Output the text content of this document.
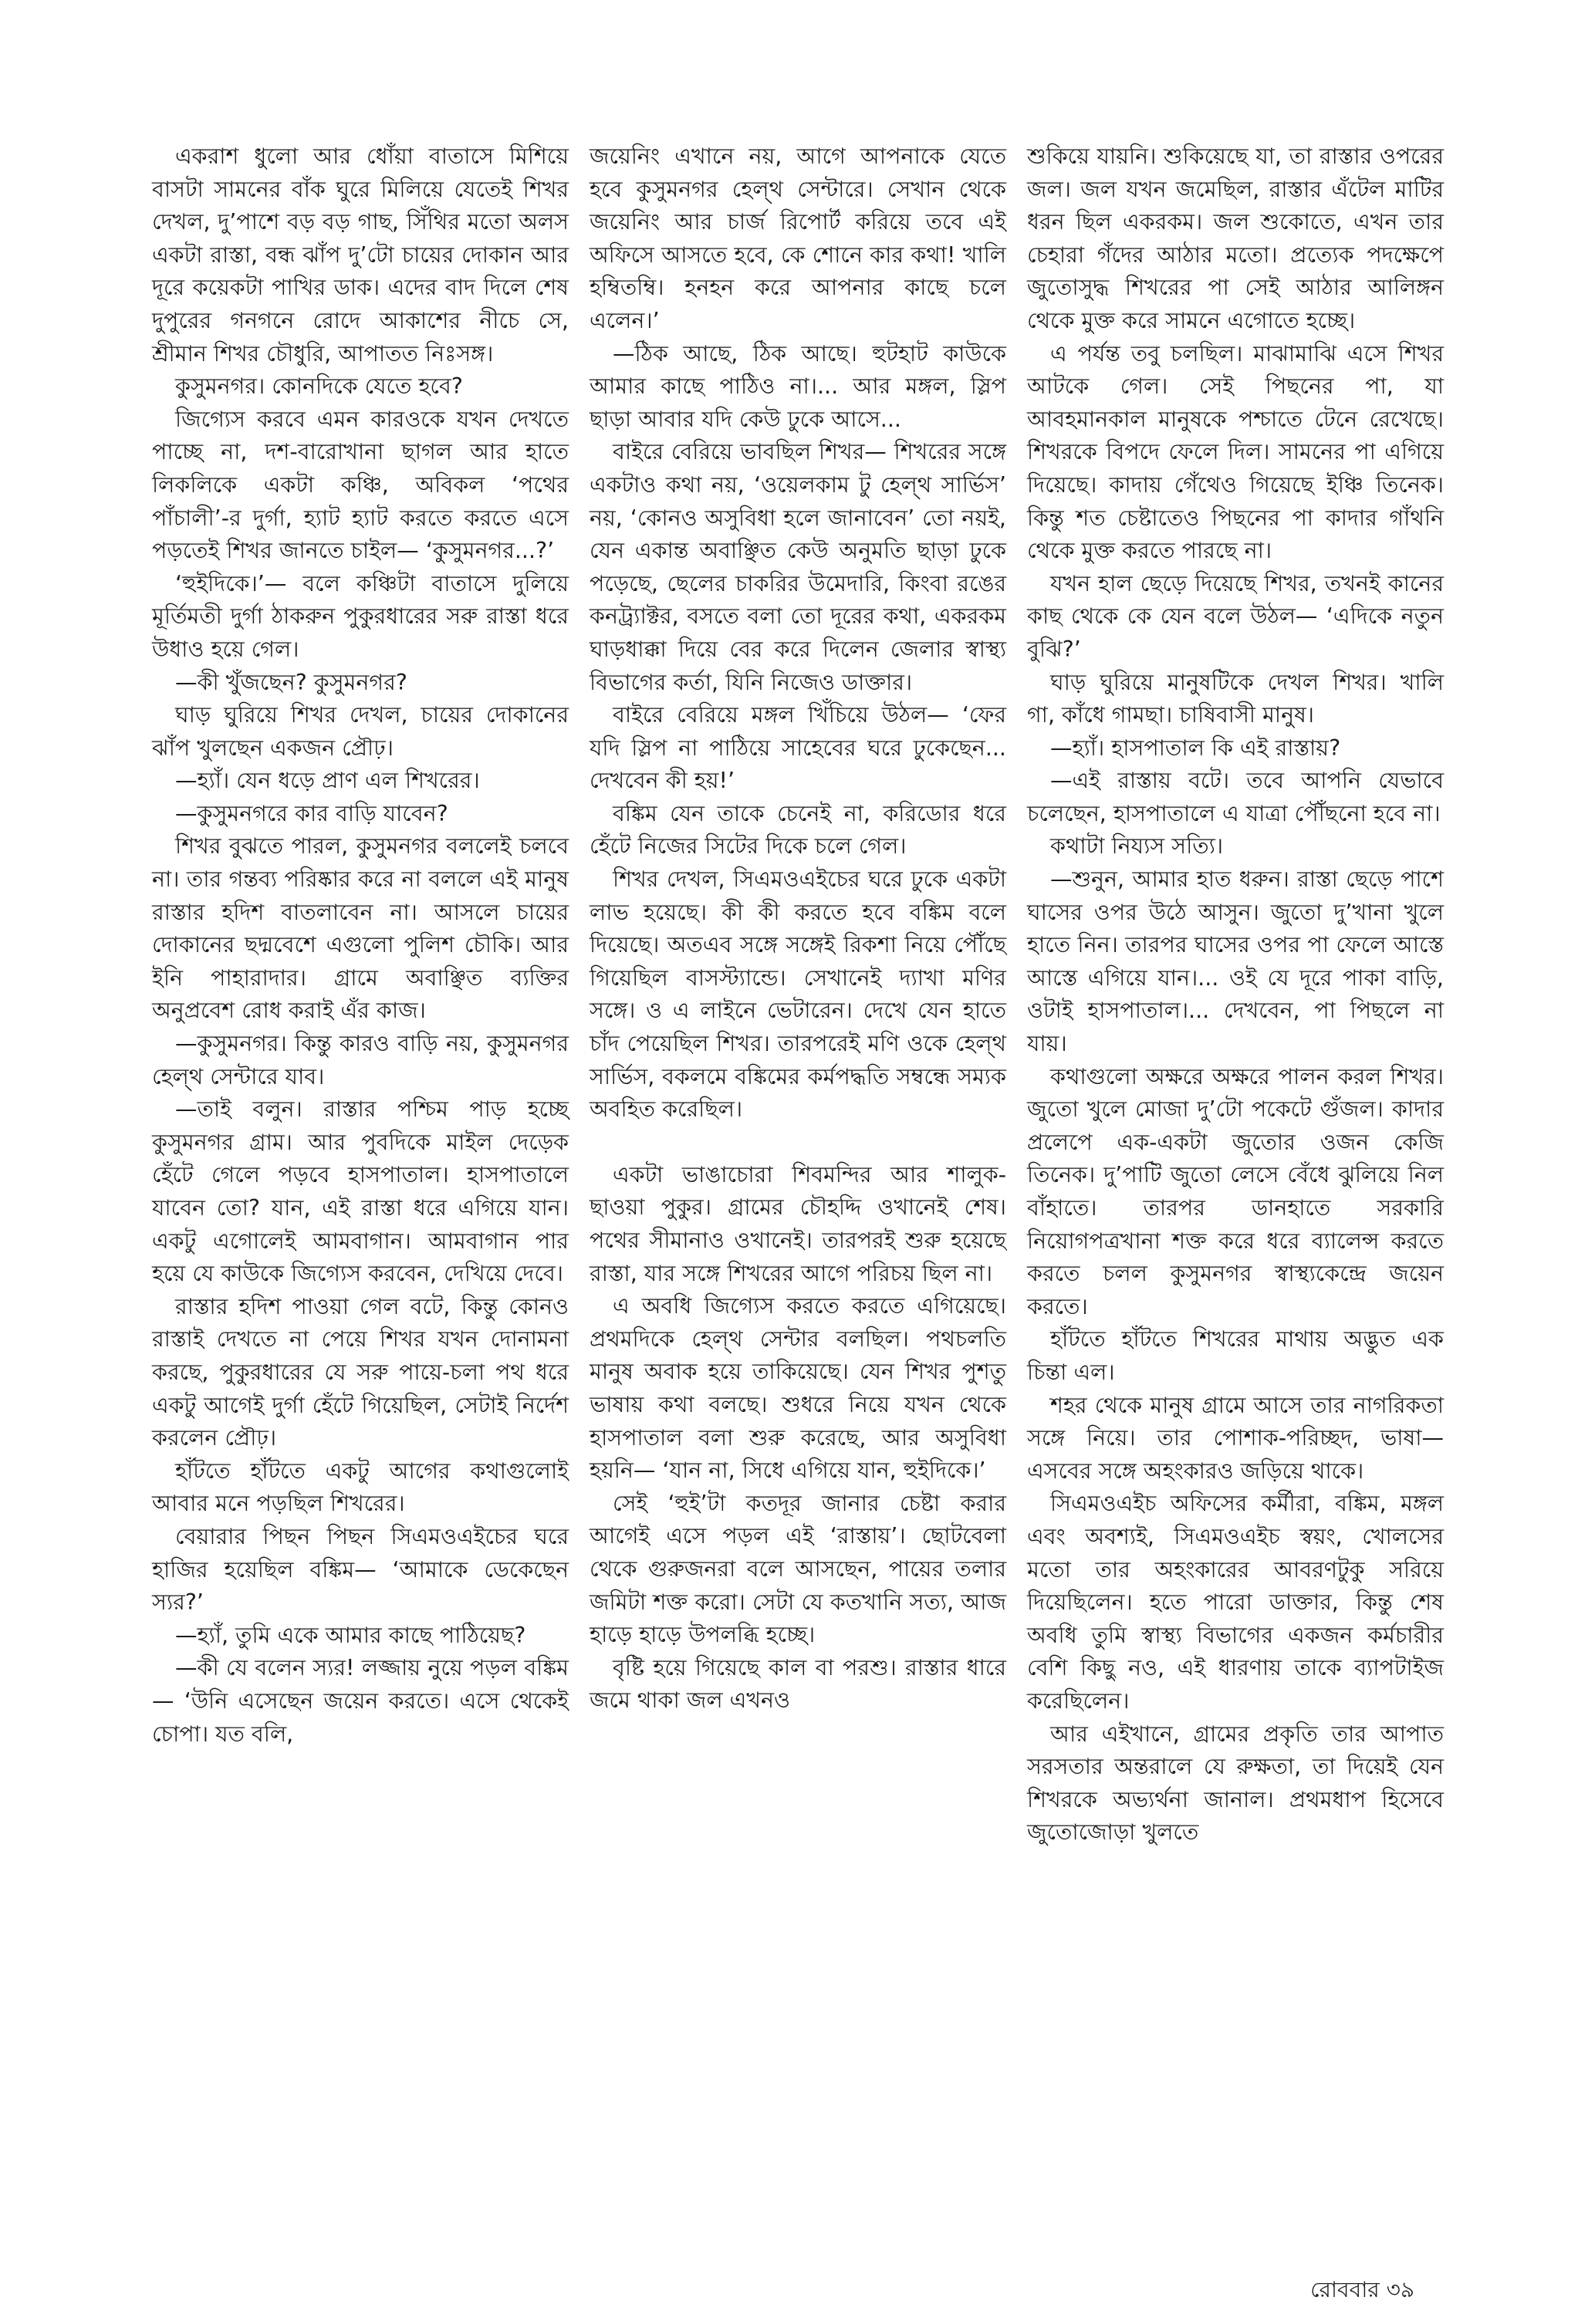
একরাশ ধুলো আর ধোঁয়া বাতাসে মিশিয়ে বাসটা সামনের বাঁক ঘুরে মিলিয়ে যেতেই শিখর দেখল, দু’পাশে বড় বড় গাছ, সিঁথির মতো অলস একটা রাস্তা, বন্ধ ঝাঁপ দু’টো চায়ের দোকান আর দূরে কয়েকটা পাখির ডাক। এদের বাদ দিলে শেষ দুপুরের গনগনে রোদে আকাশের নীচে সে, শ্রীমান শিখর চৌধুরি, আপাতত নিঃসঙ্গ।

কুসুমনগর। কোনদিকে যেতে হবে?

জিগ্যেস করবে এমন কারওকে যখন দেখতে পাচ্ছে না, দশ-বারোখানা ছাগল আর হাতে লিকলিকে একটা কঞ্চি, অবিকল ‘পথের পাঁচালী’-র দুর্গা, হ্যাট হ্যাট করতে করতে এসে পড়তেই শিখর জানতে চাইল— ‘কুসুমনগর...?’

‘হুইদিকে।’— বলে কঞ্চিটা বাতাসে দুলিয়ে মূর্তিমতী দুর্গা ঠাকরুন পুকুরধারের সরু রাস্তা ধরে উধাও হয়ে গেল।

—কী খুঁজছেন? কুসুমনগর?

ঘাড় ঘুরিয়ে শিখর দেখল, চায়ের দোকানের ঝাঁপ খুলছেন একজন প্রৌঢ়।

—হ্যাঁ। যেন ধড়ে প্রাণ এল শিখরের।

—কুসুমনগরে কার বাড়ি যাবেন?

শিখর বুঝতে পারল, কুসুমনগর বললেই চলবে না। তার গন্তব্য পরিষ্কার করে না বললে এই মানুষ রাস্তার হদিশ বাতলাবেন না। আসলে চায়ের দোকানের ছদ্মবেশে এগুলো পুলিশ চৌকি। আর ইনি পাহারাদার। গ্রামে অবাঞ্ছিত ব্যক্তির অনুপ্রবেশ রোধ করাই এঁর কাজ।

—কুসুমনগর। কিন্তু কারও বাড়ি নয়, কুসুমনগর হেল্‌থ সেন্টারে যাব।

—তাই বলুন। রাস্তার পশ্চিম পাড় হচ্ছে কুসুমনগর গ্রাম। আর পুবদিকে মাইল দেড়েক হেঁটে গেলে পড়বে হাসপাতাল। হাসপাতালে যাবেন তো? যান, এই রাস্তা ধরে এগিয়ে যান। একটু এগোলেই আমবাগান। আমবাগান পার হয়ে যে কাউকে জিগ্যেস করবেন, দেখিয়ে দেবে।

রাস্তার হদিশ পাওয়া গেল বটে, কিন্তু কোনও রাস্তাই দেখতে না পেয়ে শিখর যখন দোনামনা করছে, পুকুরধারের যে সরু পায়ে-চলা পথ ধরে একটু আগেই দুর্গা হেঁটে গিয়েছিল, সেটাই নির্দেশ করলেন প্রৌঢ়।

হাঁটতে হাঁটতে একটু আগের কথাগুলোই আবার মনে পড়ছিল শিখরের।

বেয়ারার পিছন পিছন সিএমওএইচের ঘরে হাজির হয়েছিল বঙ্কিম— ‘আমাকে ডেকেছেন স্যর?’

—হ্যাঁ, তুমি একে আমার কাছে পাঠিয়েছ?

—কী যে বলেন স্যর! লজ্জায় নুয়ে পড়ল বঙ্কিম— ‘উনি এসেছেন জয়েন করতে। এসে থেকেই চোপা। যত বলি,

জয়েনিং এখানে নয়, আগে আপনাকে যেতে হবে কুসুমনগর হেল্‌থ সেন্টারে। সেখান থেকে জয়েনিং আর চার্জ রিপোর্ট করিয়ে তবে এই অফিসে আসতে হবে, কে শোনে কার কথা! খালি হম্বিতম্বি। হনহন করে আপনার কাছে চলে এলেন।’

—ঠিক আছে, ঠিক আছে। হুটহাট কাউকে আমার কাছে পাঠিও না।... আর মঙ্গল, স্লিপ ছাড়া আবার যদি কেউ ঢুকে আসে...

বাইরে বেরিয়ে ভাবছিল শিখর— শিখরের সঙ্গে একটাও কথা নয়, ‘ওয়েলকাম টু হেল্‌থ সার্ভিস’ নয়, ‘কোনও অসুবিধা হলে জানাবেন’ তো নয়ই, যেন একান্ত অবাঞ্ছিত কেউ অনুমতি ছাড়া ঢুকে পড়েছে, ছেলের চাকরির উমেদারি, কিংবা রঙের কনট্র্যাক্টর, বসতে বলা তো দূরের কথা, একরকম ঘাড়ধাক্কা দিয়ে বের করে দিলেন জেলার স্বাস্থ্য বিভাগের কর্তা, যিনি নিজেও ডাক্তার।

বাইরে বেরিয়ে মঙ্গল খিঁচিয়ে উঠল— ‘ফের যদি স্লিপ না পাঠিয়ে সাহেবের ঘরে ঢুকেছেন... দেখবেন কী হয়!’

বঙ্কিম যেন তাকে চেনেই না, করিডোর ধরে হেঁটে নিজের সিটের দিকে চলে গেল।

শিখর দেখল, সিএমওএইচের ঘরে ঢুকে একটা লাভ হয়েছে। কী কী করতে হবে বঙ্কিম বলে দিয়েছে। অতএব সঙ্গে সঙ্গেই রিকশা নিয়ে পৌঁছে গিয়েছিল বাসস্ট্যান্ডে। সেখানেই দ্যাখা মণির সঙ্গে। ও এ লাইনে ভেটারেন। দেখে যেন হাতে চাঁদ পেয়েছিল শিখর। তারপরেই মণি ওকে হেল্‌থ সার্ভিস, বকলমে বঙ্কিমের কর্মপদ্ধতি সম্বন্ধে সম্যক অবহিত করেছিল।

একটা ভাঙাচোরা শিবমন্দির আর শালুক-ছাওয়া পুকুর। গ্রামের চৌহদ্দি ওখানেই শেষ। পথের সীমানাও ওখানেই। তারপরই শুরু হয়েছে রাস্তা, যার সঙ্গে শিখরের আগে পরিচয় ছিল না।

এ অবধি জিগ্যেস করতে করতে এগিয়েছে। প্রথমদিকে হেল্‌থ সেন্টার বলছিল। পথচলতি মানুষ অবাক হয়ে তাকিয়েছে। যেন শিখর পুশতু ভাষায় কথা বলছে। শুধরে নিয়ে যখন থেকে হাসপাতাল বলা শুরু করেছে, আর অসুবিধা হয়নি— ‘যান না, সিধে এগিয়ে যান, হুইদিকে।’

সেই ‘হুই’টা কতদূর জানার চেষ্টা করার আগেই এসে পড়ল এই ‘রাস্তায়’। ছোটবেলা থেকে গুরুজনরা বলে আসছেন, পায়ের তলার জমিটা শক্ত করো। সেটা যে কতখানি সত্য, আজ হাড়ে হাড়ে উপলব্ধি হচ্ছে।

বৃষ্টি হয়ে গিয়েছে কাল বা পরশু। রাস্তার ধারে জমে থাকা জল এখনও

শুকিয়ে যায়নি। শুকিয়েছে যা, তা রাস্তার ওপরের জল। জল যখন জমেছিল, রাস্তার এঁটেল মাটির ধরন ছিল একরকম। জল শুকোতে, এখন তার চেহারা গঁদের আঠার মতো। প্রত্যেক পদক্ষেপে জুতোসুদ্ধ শিখরের পা সেই আঠার আলিঙ্গন থেকে মুক্ত করে সামনে এগোতে হচ্ছে।

এ পর্যন্ত তবু চলছিল। মাঝামাঝি এসে শিখর আটকে গেল। সেই পিছনের পা, যা আবহমানকাল মানুষকে পশ্চাতে টেনে রেখেছে। শিখরকে বিপদে ফেলে দিল। সামনের পা এগিয়ে দিয়েছে। কাদায় গেঁথেও গিয়েছে ইঞ্চি তিনেক। কিন্তু শত চেষ্টাতেও পিছনের পা কাদার গাঁথনি থেকে মুক্ত করতে পারছে না।

যখন হাল ছেড়ে দিয়েছে শিখর, তখনই কানের কাছ থেকে কে যেন বলে উঠল— ‘এদিকে নতুন বুঝি?’

ঘাড় ঘুরিয়ে মানুষটিকে দেখল শিখর। খালি গা, কাঁধে গামছা। চাষিবাসী মানুষ।

—হ্যাঁ। হাসপাতাল কি এই রাস্তায়?

—এই রাস্তায় বটে। তবে আপনি যেভাবে চলেছেন, হাসপাতালে এ যাত্রা পৌঁছনো হবে না।

কথাটা নিয্যস সত্যি।

—শুনুন, আমার হাত ধরুন। রাস্তা ছেড়ে পাশে ঘাসের ওপর উঠে আসুন। জুতো দু’খানা খুলে হাতে নিন। তারপর ঘাসের ওপর পা ফেলে আস্তে আস্তে এগিয়ে যান।... ওই যে দূরে পাকা বাড়ি, ওটাই হাসপাতাল।... দেখবেন, পা পিছলে না যায়।

কথাগুলো অক্ষরে অক্ষরে পালন করল শিখর। জুতো খুলে মোজা দু’টো পকেটে গুঁজল। কাদার প্রলেপে এক-একটা জুতোর ওজন কেজি তিনেক। দু’পাটি জুতো লেসে বেঁধে ঝুলিয়ে নিল বাঁহাতে। তারপর ডানহাতে সরকারি নিয়োগপত্রখানা শক্ত করে ধরে ব্যালেন্স করতে করতে চলল কুসুমনগর স্বাস্থ্যকেন্দ্রে জয়েন করতে।

হাঁটতে হাঁটতে শিখরের মাথায় অদ্ভুত এক চিন্তা এল।

শহর থেকে মানুষ গ্রামে আসে তার নাগরিকতা সঙ্গে নিয়ে। তার পোশাক-পরিচ্ছদ, ভাষা— এসবের সঙ্গে অহংকারও জড়িয়ে থাকে।

সিএমওএইচ অফিসের কর্মীরা, বঙ্কিম, মঙ্গল এবং অবশ্যই, সিএমওএইচ স্বয়ং, খোলসের মতো তার অহংকারের আবরণটুকু সরিয়ে দিয়েছিলেন। হতে পারো ডাক্তার, কিন্তু শেষ অবধি তুমি স্বাস্থ্য বিভাগের একজন কর্মচারীর বেশি কিছু নও, এই ধারণায় তাকে ব্যাপটাইজ করেছিলেন।

আর এইখানে, গ্রামের প্রকৃতি তার আপাত সরসতার অন্তরালে যে রুক্ষতা, তা দিয়েই যেন শিখরকে অভ্যর্থনা জানাল। প্রথমধাপ হিসেবে জুতোজোড়া খুলতে

রোববার ৩৯
